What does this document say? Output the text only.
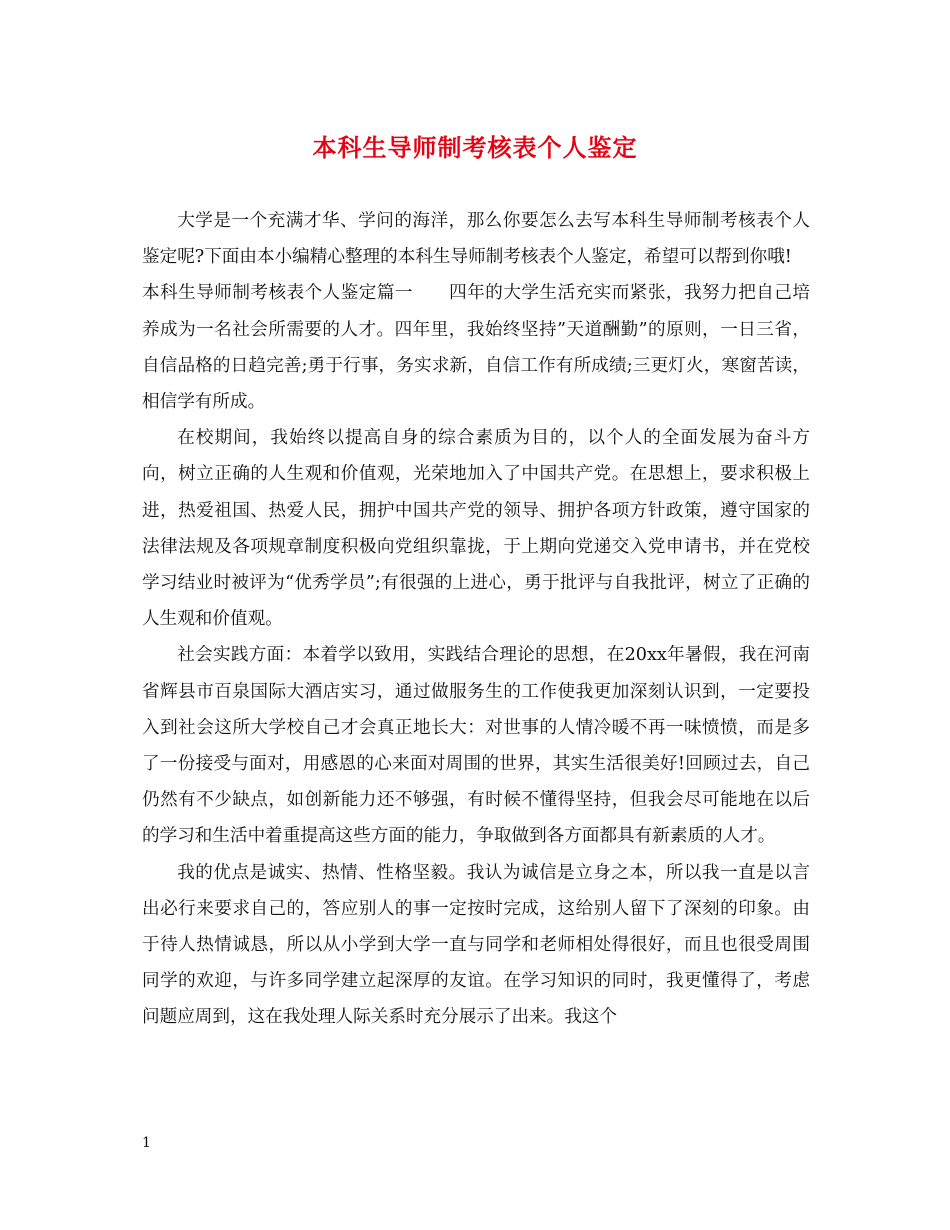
本科生导师制考核表个人鉴定

大学是一个充满才华、学问的海洋，那么你要怎么去写本科生导师制考核表个人鉴定呢?下面由本小编精心整理的本科生导师制考核表个人鉴定，希望可以帮到你哦!

本科生导师制考核表个人鉴定篇一　　四年的大学生活充实而紧张，我努力把自己培养成为一名社会所需要的人才。四年里，我始终坚持”天道酬勤”的原则，一日三省，自信品格的日趋完善;勇于行事，务实求新，自信工作有所成绩;三更灯火，寒窗苦读，相信学有所成。

在校期间，我始终以提高自身的综合素质为目的，以个人的全面发展为奋斗方向，树立正确的人生观和价值观，光荣地加入了中国共产党。在思想上，要求积极上进，热爱祖国、热爱人民，拥护中国共产党的领导、拥护各项方针政策，遵守国家的法律法规及各项规章制度积极向党组织靠拢，于上期向党递交入党申请书，并在党校学习结业时被评为“优秀学员”;有很强的上进心，勇于批评与自我批评，树立了正确的人生观和价值观。

社会实践方面：本着学以致用，实践结合理论的思想，在20xx年暑假，我在河南省辉县市百泉国际大酒店实习，通过做服务生的工作使我更加深刻认识到，一定要投入到社会这所大学校自己才会真正地长大：对世事的人情冷暖不再一味愤愤，而是多了一份接受与面对，用感恩的心来面对周围的世界，其实生活很美好!回顾过去，自己仍然有不少缺点，如创新能力还不够强，有时候不懂得坚持，但我会尽可能地在以后的学习和生活中着重提高这些方面的能力，争取做到各方面都具有新素质的人才。

我的优点是诚实、热情、性格坚毅。我认为诚信是立身之本，所以我一直是以言出必行来要求自己的，答应别人的事一定按时完成，这给别人留下了深刻的印象。由于待人热情诚恳，所以从小学到大学一直与同学和老师相处得很好，而且也很受周围同学的欢迎，与许多同学建立起深厚的友谊。在学习知识的同时，我更懂得了，考虑问题应周到，这在我处理人际关系时充分展示了出来。我这个

1
